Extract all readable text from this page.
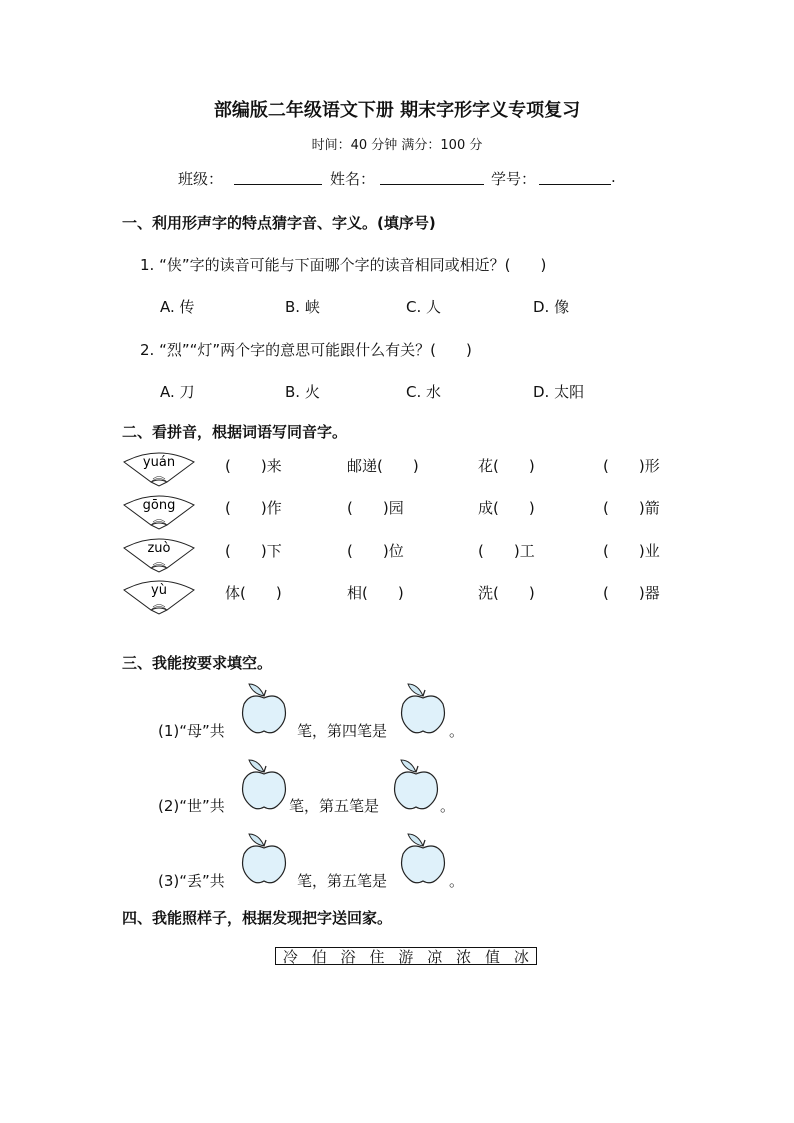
部编版二年级语文下册 期末字形字义专项复习
时间：40 分钟 满分：100 分
班级：	姓名：	学号：	.
一、利用形声字的特点猜字音、字义。(填序号)
1. “侠”字的读音可能与下面哪个字的读音相同或相近？(　　)
A. 传	B. 峡	C. 人	D. 像
2. “烈”“灯”两个字的意思可能跟什么有关？(　　)
A. 刀	B. 火	C. 水	D. 太阳
二、看拼音，根据词语写同音字。
yuán	(　　)来	邮递(　　)	花(　　)	(　　)形
gōng	(　　)作	(　　)园	成(　　)	(　　)箭
zuò	(　　)下	(　　)位	(　　)工	(　　)业
yù	体(　　)	相(　　)	洗(　　)	(　　)器
三、我能按要求填空。
(1)“母”共	笔，第四笔是	。
(2)“世”共	笔，第五笔是	。
(3)“丢”共	笔，第五笔是	。
四、我能照样子，根据发现把字送回家。
冷 伯 浴 住 游 凉 浓 值 冰
